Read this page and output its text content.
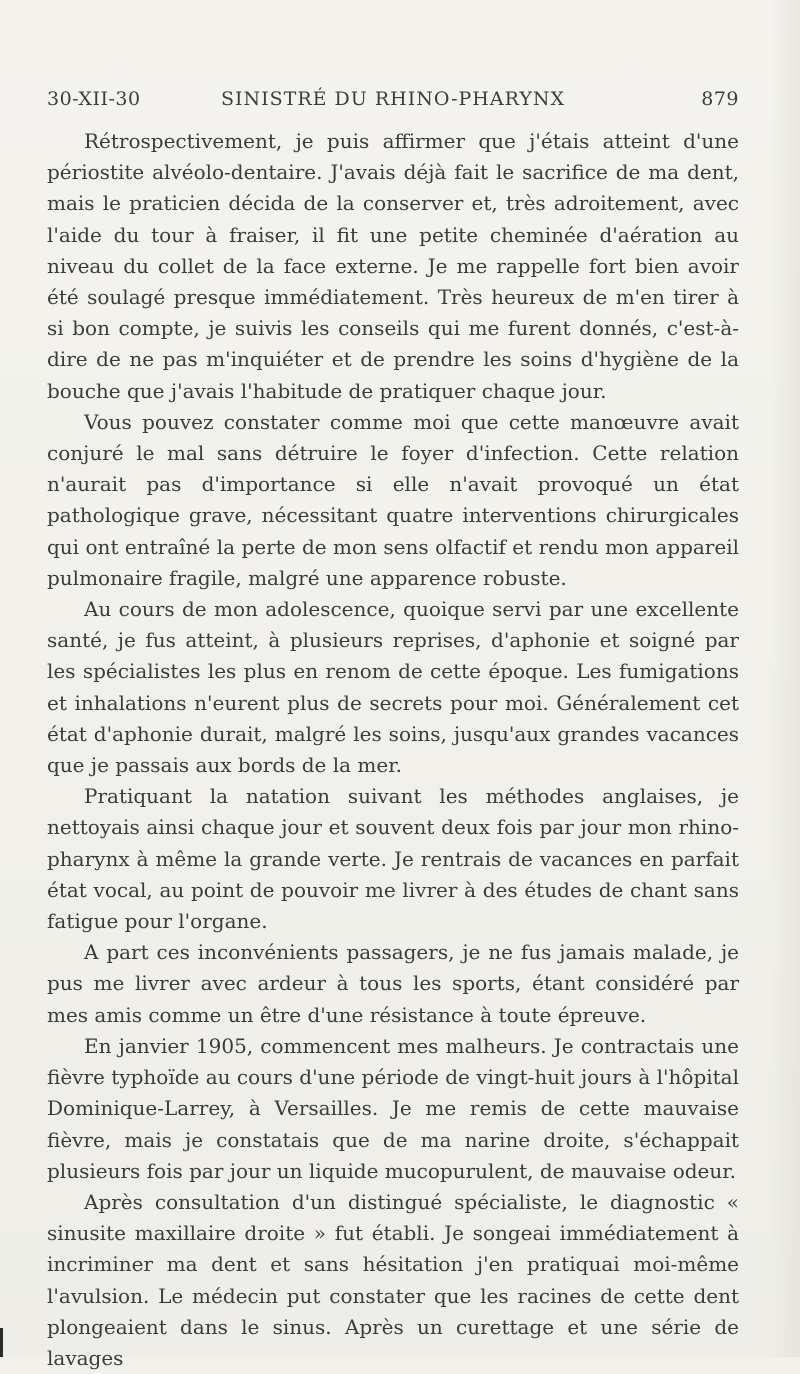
30-XII-30	SINISTRÉ DU RHINO-PHARYNX	879

Rétrospectivement, je puis affirmer que j'étais atteint d'une périostite alvéolo-dentaire. J'avais déjà fait le sacrifice de ma dent, mais le praticien décida de la conserver et, très adroitement, avec l'aide du tour à fraiser, il fit une petite cheminée d'aération au niveau du collet de la face externe. Je me rappelle fort bien avoir été soulagé presque immédiatement. Très heureux de m'en tirer à si bon compte, je suivis les conseils qui me furent donnés, c'est-à-dire de ne pas m'inquiéter et de prendre les soins d'hygiène de la bouche que j'avais l'habitude de pratiquer chaque jour.

Vous pouvez constater comme moi que cette manœuvre avait conjuré le mal sans détruire le foyer d'infection. Cette relation n'aurait pas d'importance si elle n'avait provoqué un état pathologique grave, nécessitant quatre interventions chirurgicales qui ont entraîné la perte de mon sens olfactif et rendu mon appareil pulmonaire fragile, malgré une apparence robuste.

Au cours de mon adolescence, quoique servi par une excellente santé, je fus atteint, à plusieurs reprises, d'aphonie et soigné par les spécialistes les plus en renom de cette époque. Les fumigations et inhalations n'eurent plus de secrets pour moi. Généralement cet état d'aphonie durait, malgré les soins, jusqu'aux grandes vacances que je passais aux bords de la mer.

Pratiquant la natation suivant les méthodes anglaises, je nettoyais ainsi chaque jour et souvent deux fois par jour mon rhino-pharynx à même la grande verte. Je rentrais de vacances en parfait état vocal, au point de pouvoir me livrer à des études de chant sans fatigue pour l'organe.

A part ces inconvénients passagers, je ne fus jamais malade, je pus me livrer avec ardeur à tous les sports, étant considéré par mes amis comme un être d'une résistance à toute épreuve.

En janvier 1905, commencent mes malheurs. Je contractais une fièvre typhoïde au cours d'une période de vingt-huit jours à l'hôpital Dominique-Larrey, à Versailles. Je me remis de cette mauvaise fièvre, mais je constatais que de ma narine droite, s'échappait plusieurs fois par jour un liquide mucopurulent, de mauvaise odeur.

Après consultation d'un distingué spécialiste, le diagnostic « sinusite maxillaire droite » fut établi. Je songeai immédiatement à incriminer ma dent et sans hésitation j'en pratiquai moi-même l'avulsion. Le médecin put constater que les racines de cette dent plongeaient dans le sinus. Après un curettage et une série de lavages
